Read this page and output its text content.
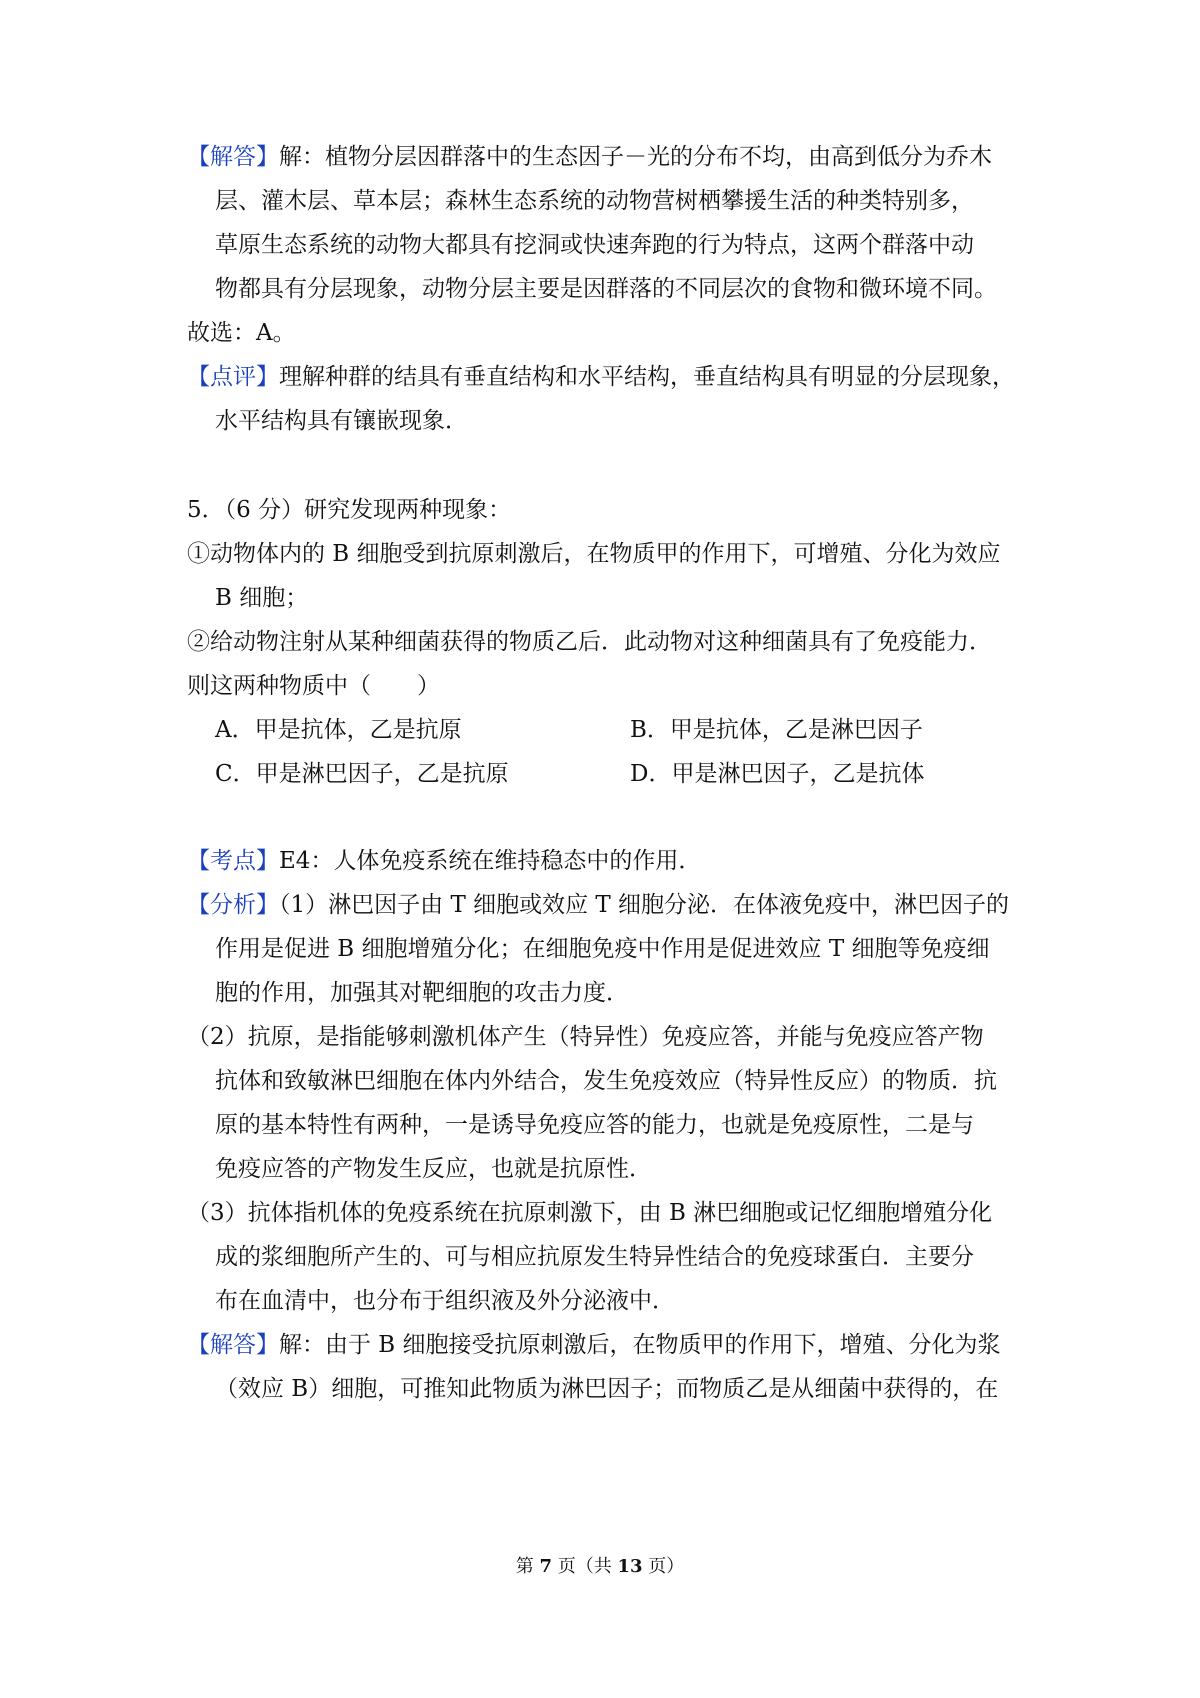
【解答】解：植物分层因群落中的生态因子－光的分布不均，由高到低分为乔木
层、灌木层、草本层；森林生态系统的动物营树栖攀援生活的种类特别多，
草原生态系统的动物大都具有挖洞或快速奔跑的行为特点，这两个群落中动
物都具有分层现象，动物分层主要是因群落的不同层次的食物和微环境不同。
故选：A。
【点评】理解种群的结具有垂直结构和水平结构，垂直结构具有明显的分层现象，
水平结构具有镶嵌现象．
5．（6 分）研究发现两种现象：
①动物体内的 B 细胞受到抗原刺激后，在物质甲的作用下，可增殖、分化为效应
B 细胞；
②给动物注射从某种细菌获得的物质乙后．此动物对这种细菌具有了免疫能力．
则这两种物质中（　　）
A．甲是抗体，乙是抗原	B．甲是抗体，乙是淋巴因子
C．甲是淋巴因子，乙是抗原	D．甲是淋巴因子，乙是抗体
【考点】E4：人体免疫系统在维持稳态中的作用．
【分析】（1）淋巴因子由 T 细胞或效应 T 细胞分泌．在体液免疫中，淋巴因子的
作用是促进 B 细胞增殖分化；在细胞免疫中作用是促进效应 T 细胞等免疫细
胞的作用，加强其对靶细胞的攻击力度．
（2）抗原，是指能够刺激机体产生（特异性）免疫应答，并能与免疫应答产物
抗体和致敏淋巴细胞在体内外结合，发生免疫效应（特异性反应）的物质．抗
原的基本特性有两种，一是诱导免疫应答的能力，也就是免疫原性，二是与
免疫应答的产物发生反应，也就是抗原性．
（3）抗体指机体的免疫系统在抗原刺激下，由 B 淋巴细胞或记忆细胞增殖分化
成的浆细胞所产生的、可与相应抗原发生特异性结合的免疫球蛋白．主要分
布在血清中，也分布于组织液及外分泌液中．
【解答】解：由于 B 细胞接受抗原刺激后，在物质甲的作用下，增殖、分化为浆
（效应 B）细胞，可推知此物质为淋巴因子；而物质乙是从细菌中获得的，在
第 7 页（共 13 页）
